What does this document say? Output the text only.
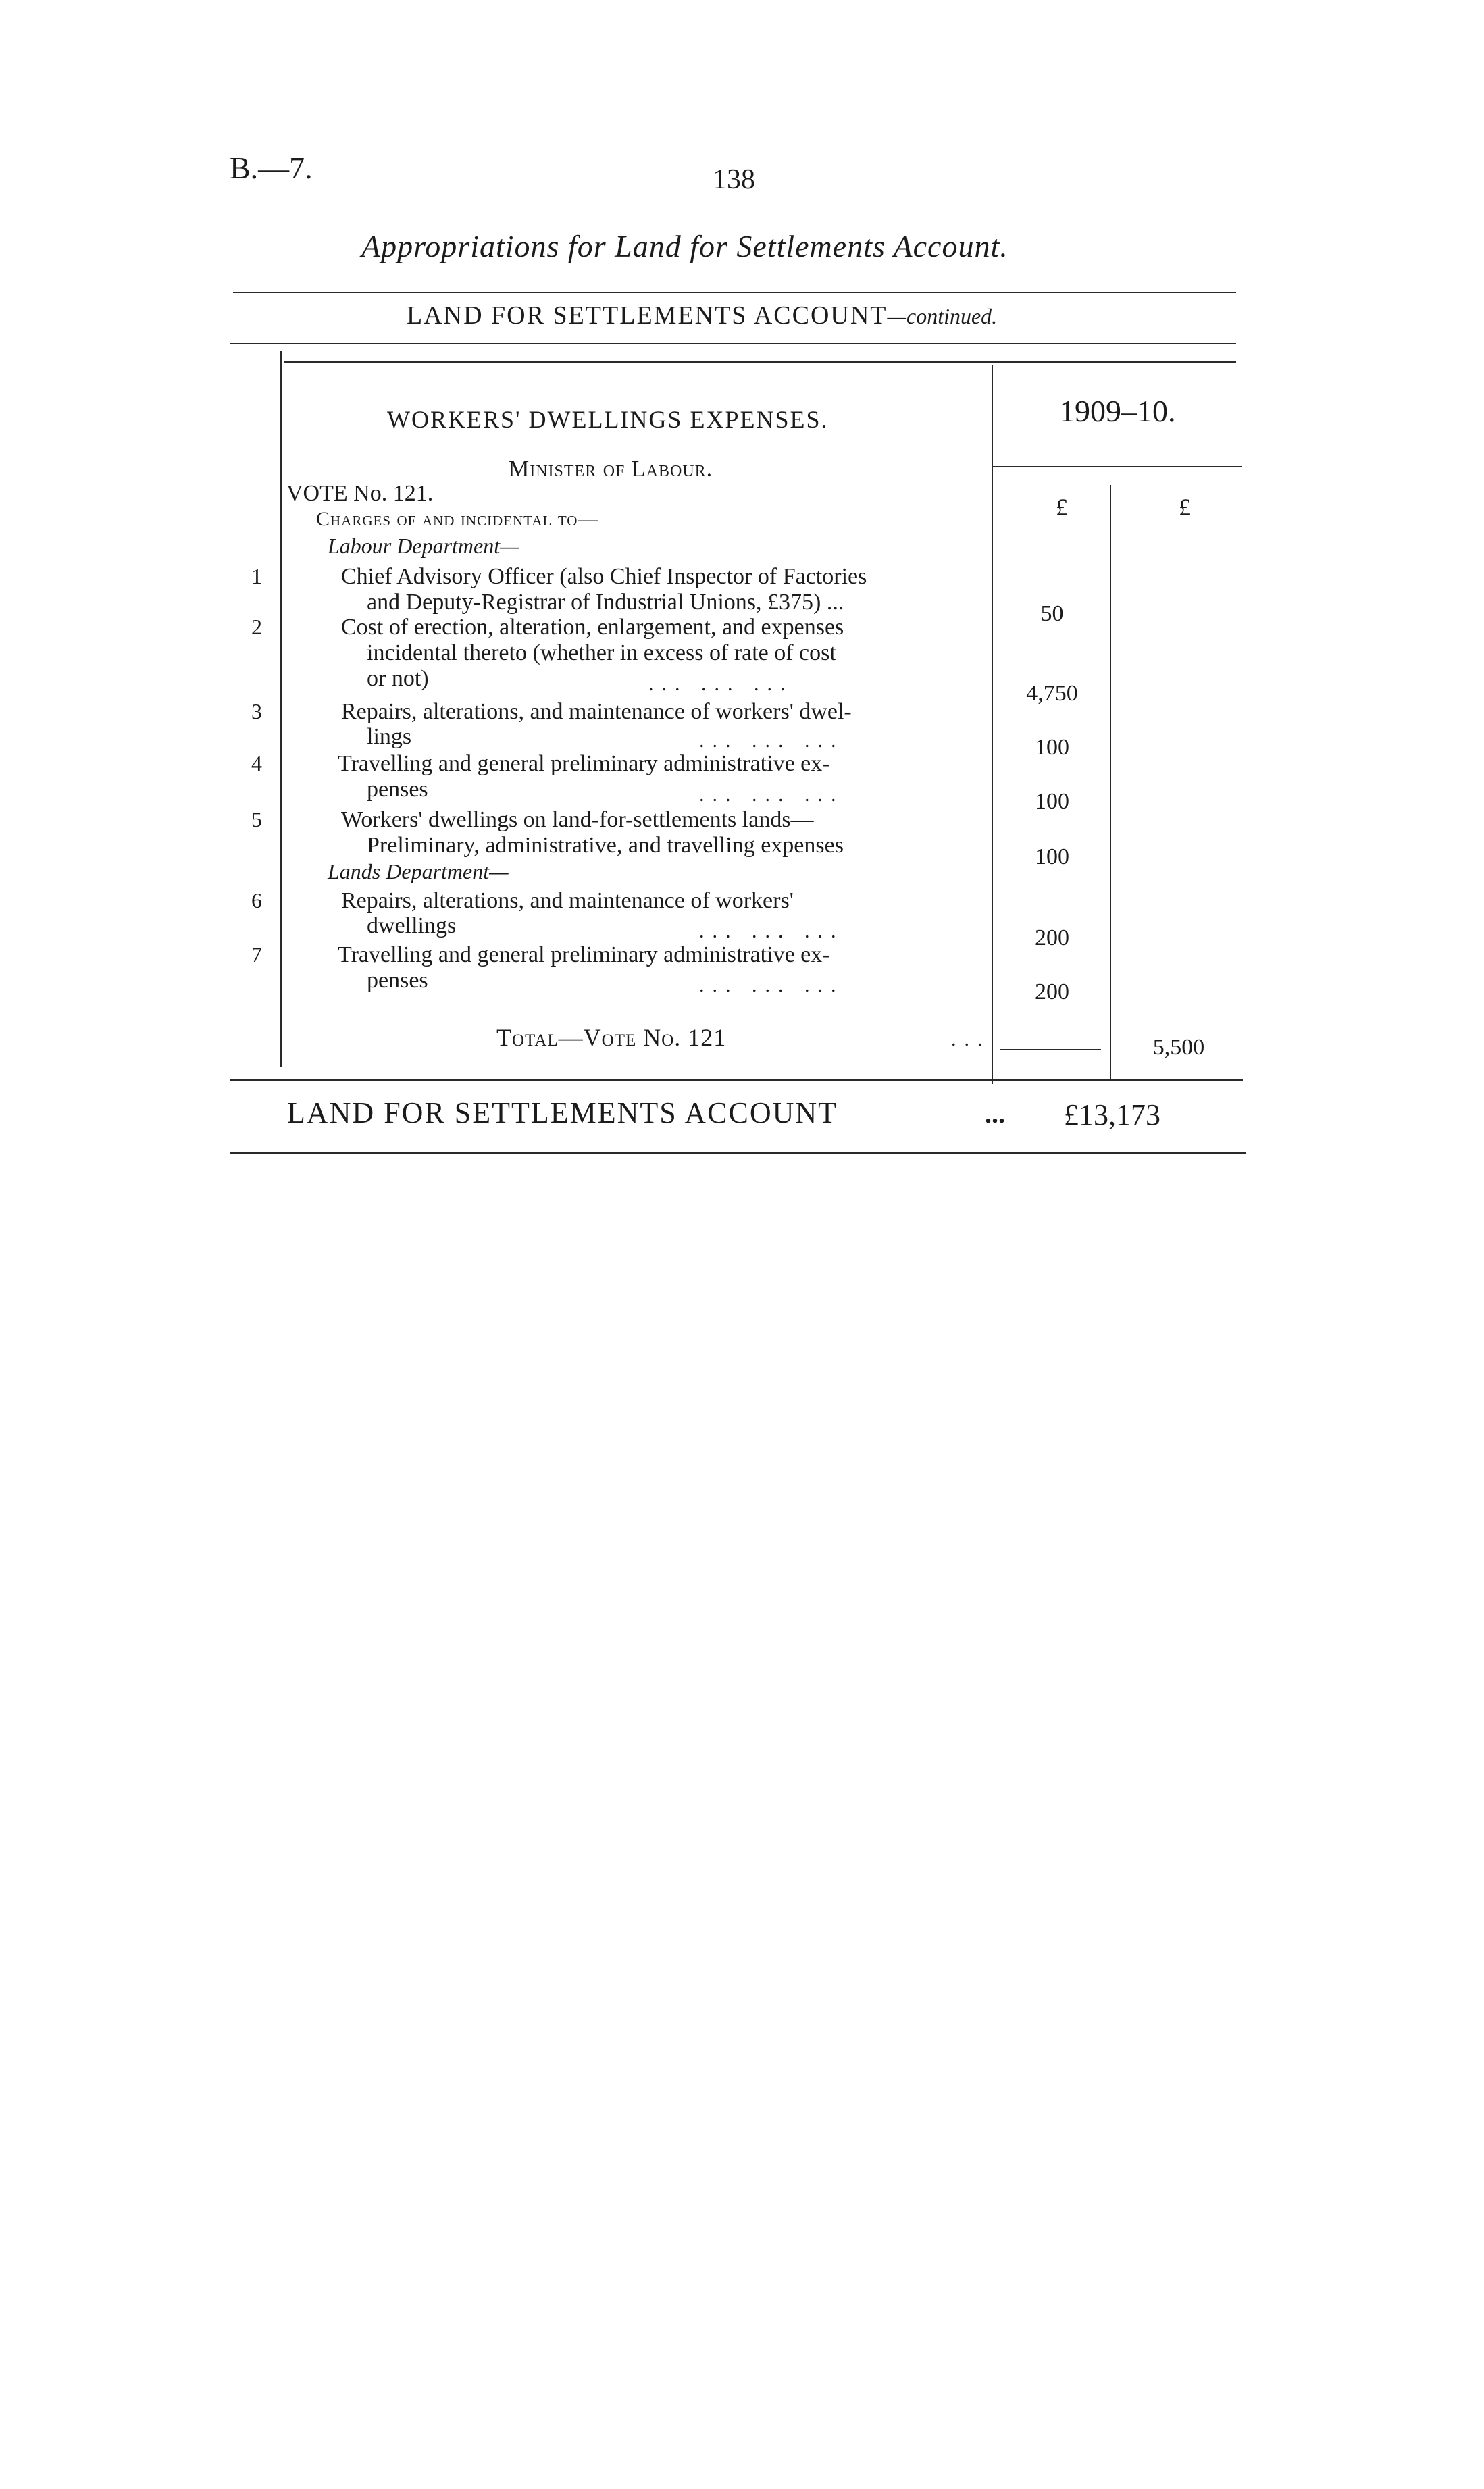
B.—7.	138
Appropriations for Land for Settlements Account.
LAND FOR SETTLEMENTS ACCOUNT—continued.
WORKERS' DWELLINGS EXPENSES.	1909–10.
£	£
Minister of Labour.
VOTE No. 121.
Charges of and incidental to—
Labour Department—
1	Chief Advisory Officer (also Chief Inspector of Factories
and Deputy-Registrar of Industrial Unions, £375) ...	50
2	Cost of erection, alteration, enlargement, and expenses
incidental thereto (whether in excess of rate of cost
or not)	... ... ...	4,750
3	Repairs, alterations, and maintenance of workers' dwel-
lings	... ... ...	100
4	Travelling and general preliminary administrative ex-
penses	... ... ...	100
5	Workers' dwellings on land-for-settlements lands—
Preliminary, administrative, and travelling expenses	100
Lands Department—
6	Repairs, alterations, and maintenance of workers'
dwellings	... ... ...	200
7	Travelling and general preliminary administrative ex-
penses	... ... ...	200
Total—Vote No. 121	...	5,500
LAND FOR SETTLEMENTS ACCOUNT	... £13,173
